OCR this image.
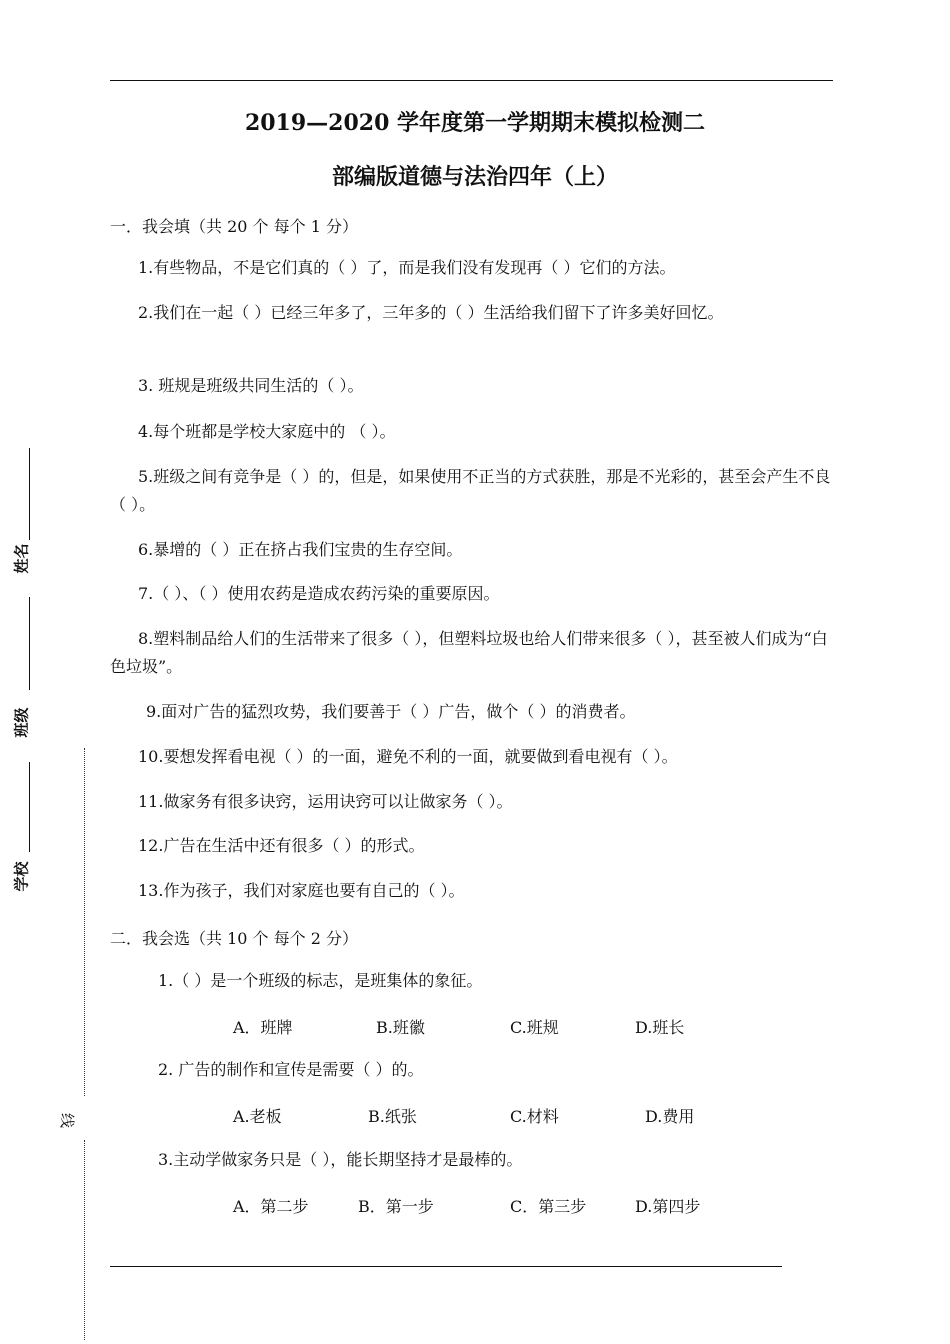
姓名
班级
学校
线
2019—2020 学年度第一学期期末模拟检测二
部编版道德与法治四年（上）
一．我会填（共 20 个 每个 1 分）
1.有些物品，不是它们真的（ ）了，而是我们没有发现再（ ）它们的方法。
2.我们在一起（ ）已经三年多了，三年多的（ ）生活给我们留下了许多美好回忆。
3. 班规是班级共同生活的（ ）。
4.每个班都是学校大家庭中的 （ ）。
5.班级之间有竞争是（ ）的，但是，如果使用不正当的方式获胜，那是不光彩的，甚至会产生不良（ ）。
6.暴增的（ ）正在挤占我们宝贵的生存空间。
7.（ ）、（ ）使用农药是造成农药污染的重要原因。
8.塑料制品给人们的生活带来了很多（ ），但塑料垃圾也给人们带来很多（ ），甚至被人们成为“白色垃圾”。
9.面对广告的猛烈攻势，我们要善于（ ）广告，做个（ ）的消费者。
10.要想发挥看电视（ ）的一面，避免不利的一面，就要做到看电视有（ ）。
11.做家务有很多诀窍，运用诀窍可以让做家务（ ）。
12.广告在生活中还有很多（ ）的形式。
13.作为孩子，我们对家庭也要有自己的（ ）。
二．我会选（共 10 个 每个 2 分）
1.（ ）是一个班级的标志，是班集体的象征。
A．班牌	B.班徽	C.班规	D.班长
2. 广告的制作和宣传是需要（ ）的。
A.老板	B.纸张	C.材料	D.费用
3.主动学做家务只是（ ），能长期坚持才是最棒的。
A．第二步	B．第一步	C．第三步	D.第四步
